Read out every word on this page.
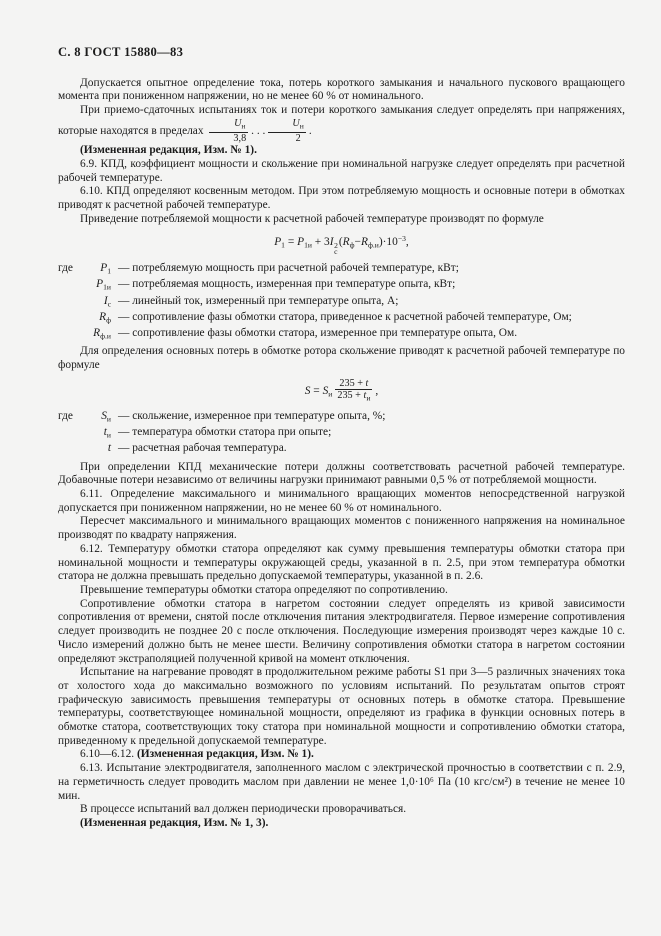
С. 8 ГОСТ 15880—83
Допускается опытное определение тока, потерь короткого замыкания и начального пускового вращающего момента при пониженном напряжении, но не менее 60 % от номинального.
При приемо-сдаточных испытаниях ток и потери короткого замыкания следует определять при напряжениях, которые находятся в пределах $\frac{U_н}{3,8}$ . . . $\frac{U_н}{2}$ .
(Измененная редакция, Изм. № 1).
6.9. КПД, коэффициент мощности и скольжение при номинальной нагрузке следует определять при расчетной рабочей температуре.
6.10. КПД определяют косвенным методом. При этом потребляемую мощность и основные потери в обмотках приводят к расчетной рабочей температуре.
Приведение потребляемой мощности к расчетной рабочей температуре производят по формуле
$P_1 = P_{1и} + 3I$ 2
с
$(R_ф-R_{ф.и})\cdot 10^{-3}$,
где	$P_1$ — потребляемую мощность при расчетной рабочей температуре, кВт;
$P_{1и}$ — потребляемая мощность, измеренная при температуре опыта, кВт;
$I_с$ — линейный ток, измеренный при температуре опыта, А;
$R_ф$ — сопротивление фазы обмотки статора, приведенное к расчетной рабочей температуре, Ом;
$R_{ф.и}$ — сопротивление фазы обмотки статора, измеренное при температуре опыта, Ом.
Для определения основных потерь в обмотке ротора скольжение приводят к расчетной рабочей температуре по формуле
$S = S_и \frac{235 + t}{235 + t_и}$ ,
где	$S_и$ — скольжение, измеренное при температуре опыта, %;
$t_и$ — температура обмотки статора при опыте;
t — расчетная рабочая температура.
При определении КПД механические потери должны соответствовать расчетной рабочей температуре. Добавочные потери независимо от величины нагрузки принимают равными 0,5 % от потребляемой мощности.
6.11. Определение максимального и минимального вращающих моментов непосредственной нагрузкой допускается при пониженном напряжении, но не менее 60 % от номинального.
Пересчет максимального и минимального вращающих моментов с пониженного напряжения на номинальное производят по квадрату напряжения.
6.12. Температуру обмотки статора определяют как сумму превышения температуры обмотки статора при номинальной мощности и температуры окружающей среды, указанной в п. 2.5, при этом температура обмотки статора не должна превышать предельно допускаемой температуры, указанной в п. 2.6.
Превышение температуры обмотки статора определяют по сопротивлению.
Сопротивление обмотки статора в нагретом состоянии следует определять из кривой зависимости сопротивления от времени, снятой после отключения питания электродвигателя. Первое измерение сопротивления следует производить не позднее 20 с после отключения. Последующие измерения производят через каждые 10 с. Число измерений должно быть не менее шести. Величину сопротивления обмотки статора в нагретом состоянии определяют экстраполяцией полученной кривой на момент отключения.
Испытание на нагревание проводят в продолжительном режиме работы S1 при 3—5 различных значениях тока от холостого хода до максимально возможного по условиям испытаний. По результатам опытов строят графическую зависимость превышения температуры от основных потерь в обмотке статора. Превышение температуры, соответствующее номинальной мощности, определяют из графика в функции основных потерь в обмотке статора, соответствующих току статора при номинальной мощности и сопротивлению обмотки статора, приведенному к предельной допускаемой температуре.
6.10—6.12. (Измененная редакция, Изм. № 1).
6.13. Испытание электродвигателя, заполненного маслом с электрической прочностью в соответствии с п. 2.9, на герметичность следует проводить маслом при давлении не менее 1,0·10⁶ Па (10 кгс/см²) в течение не менее 10 мин.
В процессе испытаний вал должен периодически проворачиваться.
(Измененная редакция, Изм. № 1, 3).
